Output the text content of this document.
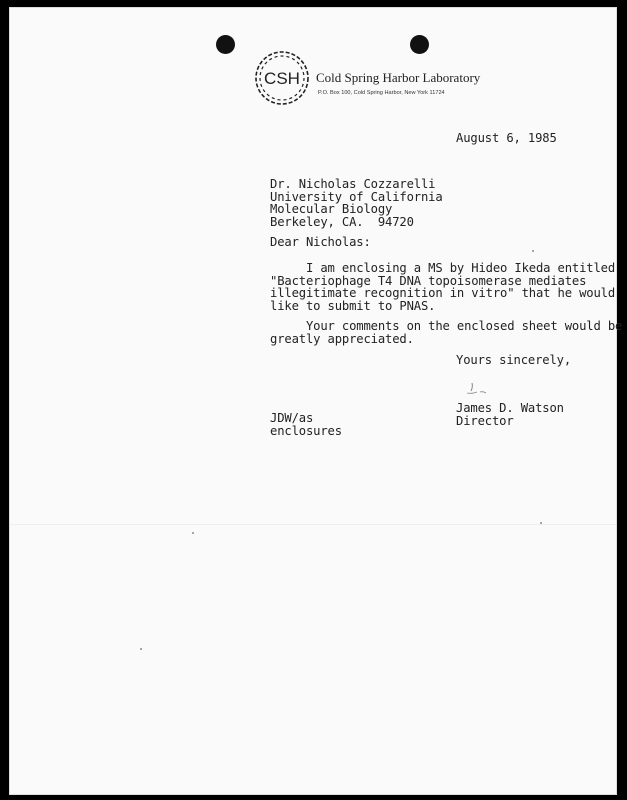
CSH Cold Spring Harbor Laboratory
P.O. Box 100, Cold Spring Harbor, New York 11724
August 6, 1985
Dr. Nicholas Cozzarelli
University of California
Molecular Biology
Berkeley, CA.  94720
Dear Nicholas:
I am enclosing a MS by Hideo Ikeda entitled
"Bacteriophage T4 DNA topoisomerase mediates
illegitimate recognition in vitro" that he would
like to submit to PNAS.
Your comments on the enclosed sheet would be
greatly appreciated.
Yours sincerely,
James D. Watson
Director
JDW/as
enclosures
